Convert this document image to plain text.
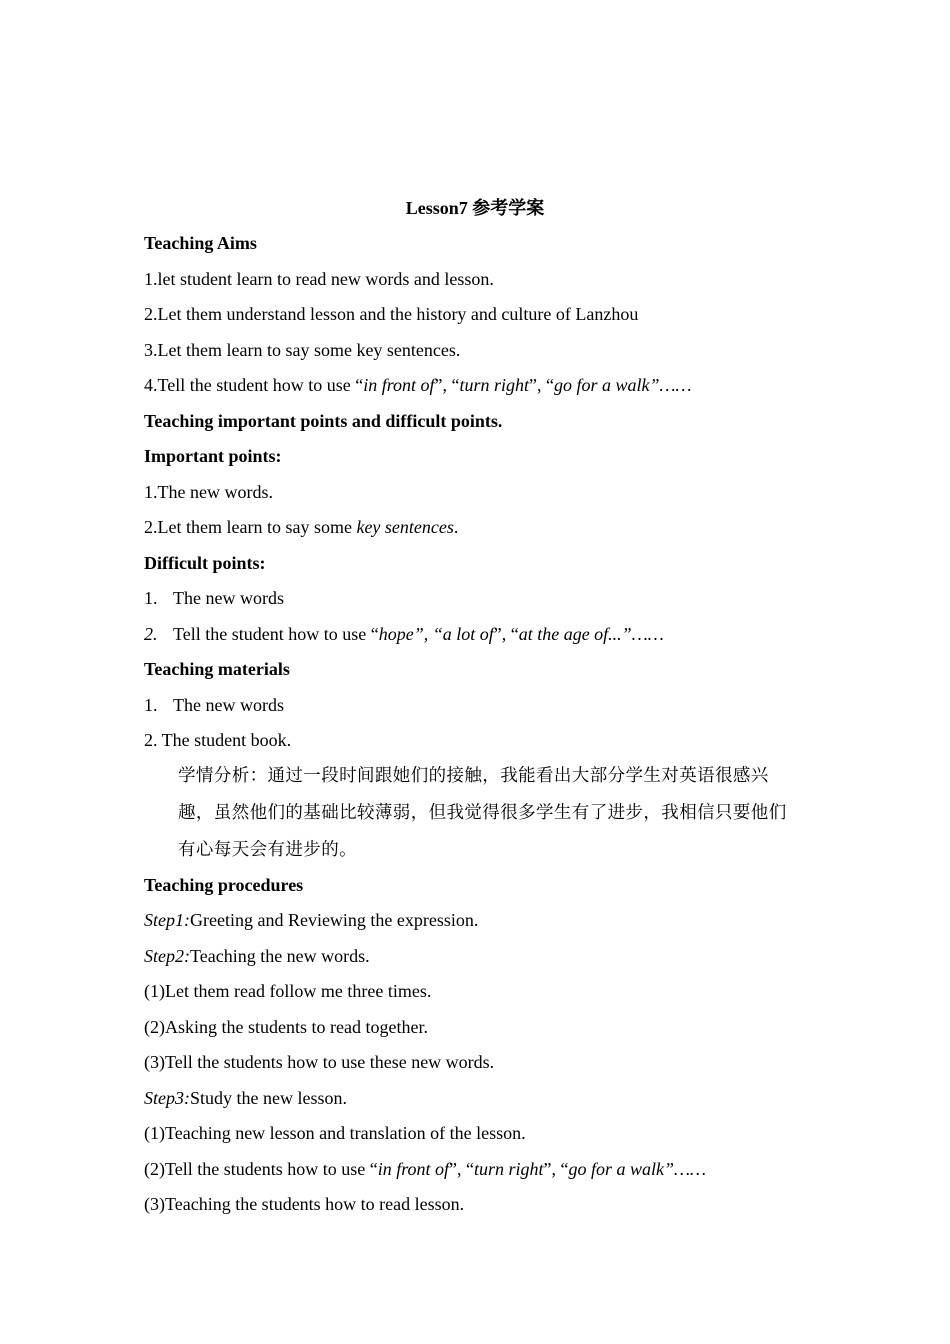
Lesson7 参考学案
Teaching Aims
1.let student learn to read new words and lesson.
2.Let them understand lesson and the history and culture of Lanzhou
3.Let them learn to say some key sentences.
4.Tell the student how to use “in front of”, “turn right”, “go for a walk”……
Teaching important points and difficult points.
Important points:
1.The new words.
2.Let them learn to say some key sentences.
Difficult points:
1. The new words
2. Tell the student how to use “hope”, “a lot of”, “at the age of...”……
Teaching materials
1. The new words
2. The student book.
学情分析：通过一段时间跟她们的接触，我能看出大部分学生对英语很感兴
趣，虽然他们的基础比较薄弱，但我觉得很多学生有了进步，我相信只要他们
有心每天会有进步的。
Teaching procedures
Step1:Greeting and Reviewing the expression.
Step2:Teaching the new words.
(1)Let them read follow me three times.
(2)Asking the students to read together.
(3)Tell the students how to use these new words.
Step3:Study the new lesson.
(1)Teaching new lesson and translation of the lesson.
(2)Tell the students how to use “in front of”, “turn right”, “go for a walk”……
(3)Teaching the students how to read lesson.
